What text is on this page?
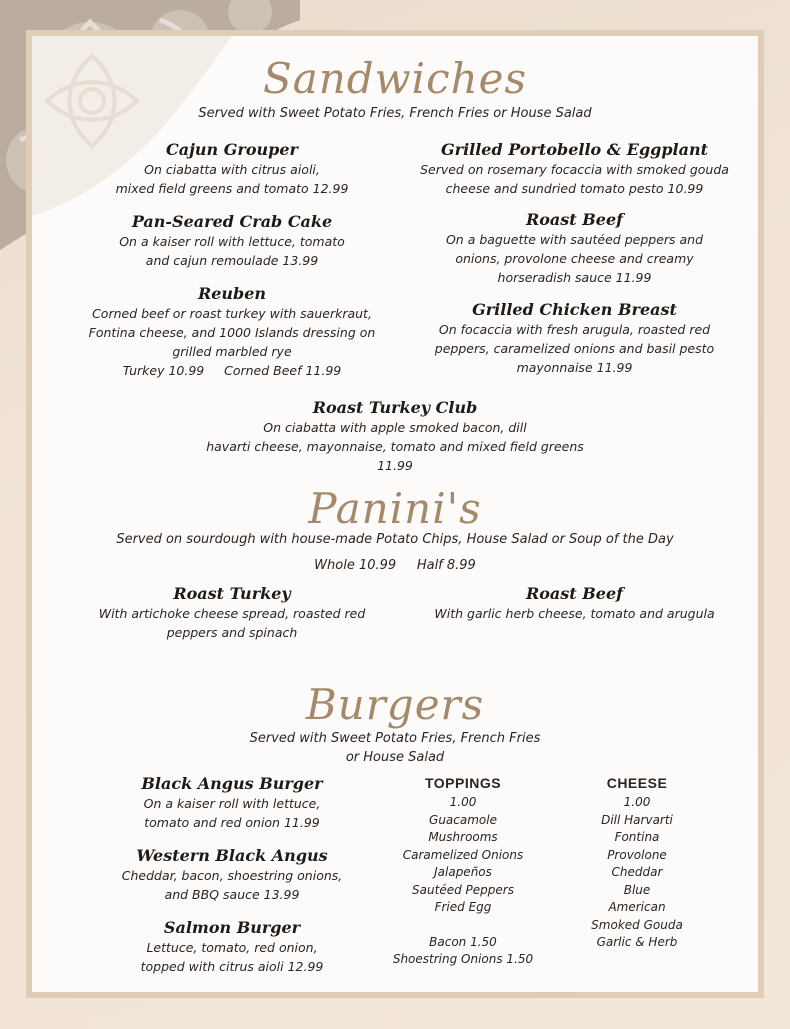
Sandwiches
Served with Sweet Potato Fries, French Fries or House Salad
Cajun Grouper
On ciabatta with citrus aioli,
mixed field greens and tomato 12.99
Pan-Seared Crab Cake
On a kaiser roll with lettuce, tomato
and cajun remoulade 13.99
Reuben
Corned beef or roast turkey with sauerkraut,
Fontina cheese, and 1000 Islands dressing on
grilled marbled rye
Turkey 10.99     Corned Beef 11.99
Grilled Portobello & Eggplant
Served on rosemary focaccia with smoked gouda
cheese and sundried tomato pesto 10.99
Roast Beef
On a baguette with sautéed peppers and
onions, provolone cheese and creamy
horseradish sauce 11.99
Grilled Chicken Breast
On focaccia with fresh arugula, roasted red
peppers, caramelized onions and basil pesto
mayonnaise 11.99
Roast Turkey Club
On ciabatta with apple smoked bacon, dill
havarti cheese, mayonnaise, tomato and mixed field greens
11.99
Panini's
Served on sourdough with house-made Potato Chips, House Salad or Soup of the Day
Whole 10.99     Half 8.99
Roast Turkey
With artichoke cheese spread, roasted red
peppers and spinach
Roast Beef
With garlic herb cheese, tomato and arugula
Burgers
Served with Sweet Potato Fries, French Fries
or House Salad
Black Angus Burger
On a kaiser roll with lettuce,
tomato and red onion 11.99
Western Black Angus
Cheddar, bacon, shoestring onions,
and BBQ sauce 13.99
Salmon Burger
Lettuce, tomato, red onion,
topped with citrus aioli 12.99
TOPPINGS
1.00
Guacamole
Mushrooms
Caramelized Onions
Jalapeños
Sautéed Peppers
Fried Egg
Bacon 1.50
Shoestring Onions 1.50
CHEESE
1.00
Dill Harvarti
Fontina
Provolone
Cheddar
Blue
American
Smoked Gouda
Garlic & Herb
